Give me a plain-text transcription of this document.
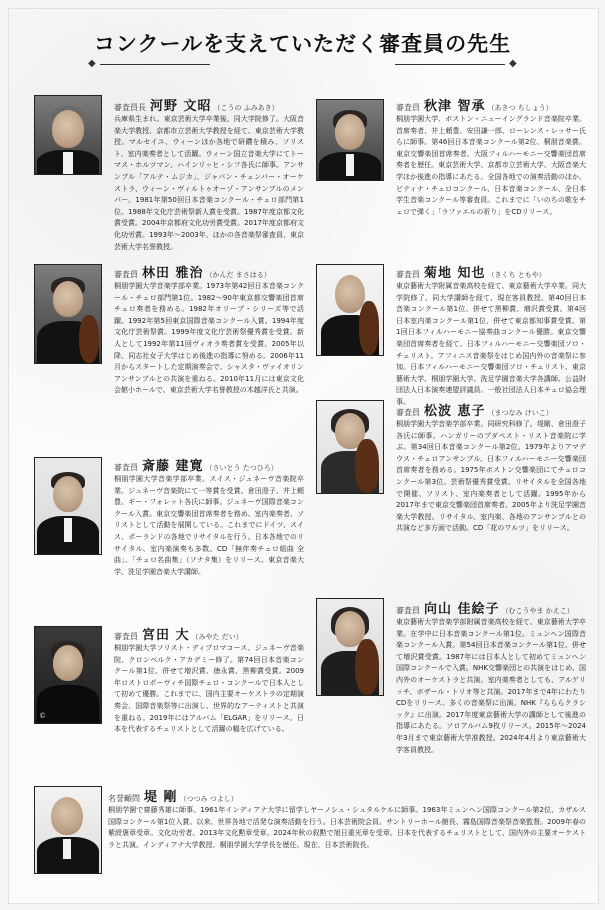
コンクールを支えていただく審査員の先生
◆	◆
審査員長 河野 文昭 （こうの ふみあき）
兵庫県生まれ。東京芸術大学卒業後、同大学院修了。大阪音楽大学教授、京都市立芸術大学教授を経て、東京芸術大学教授。マルセイユ、ウィーンほか各地で研鑽を積み、ソリスト、室内楽奏者として活躍。ウィーン国立音楽大学にてトーマス・ホルツマン、ハインリッヒ・シフ各氏に師事。アンサンブル「アルテ・ムジカ」、ジャパン・チェンバー・オーケストラ、ウィーン・ヴィルトゥオーゾ・アンサンブルのメンバー。1981年第50回日本音楽コンクール・チェロ部門第1位。1988年文化庁芸術祭新人賞を受賞。1987年度京都文化賞受賞。2004年京都府文化功労賞受賞。2017年度京都府文化功労賞。1993年〜2003年、ほかの各音楽祭審査員、東京芸術大学名誉教授。
審査員 秋津 智承 （あきつ ちしょう）
桐朋学園大学、ボストン・ニューイングランド音楽院卒業。首席奏者、井上頼豊、安田謙一郎、ローレンス・レッサー氏らに師事。第46回日本音楽コンクール第2位、桐朋音楽賞。東京交響楽団首席奏者、大阪フィルハーモニー交響楽団首席奏者を歴任。東京芸術大学、京都市立芸術大学、大阪音楽大学ほか後進の指導にあたる。全国各地での演奏活動のほか、ピティナ・チェロコンクール、日本音楽コンクール、全日本学生音楽コンクール等審査員。これまでに「いのちの歌をチェロで弾く」「ラファエルの祈り」をCDリリース。
審査員 林田 雅治 （かんだ まさはる）
桐朋学園大学音楽学部卒業。1973年第42回日本音楽コンクール・チェロ部門第1位。1982〜90年東京都交響楽団首席チェロ奏者を務める。1982年オリーブ・シリーズ等で活躍。1992年第5回東京国際音楽コンクール入賞。1994年度文化庁芸術祭賞。1999年度文化庁芸術祭優秀賞を受賞。新人として1992年第11回ヴィオラ奏者賞を受賞。2005年以降、同志社女子大学はじめ後進の指導に努める。2006年11月からスタートした定期演奏会で、シャスタ・ヴァイオリンアンサンブルとの共演を重ねる。2010年11月には東京文化会館小ホールで、東京芸術大学名誉教授の木越洋氏と共演。
審査員 菊地 知也 （きくち ともや）
東京藝術大学附属音楽高校を経て、東京藝術大学卒業。同大学院修了。同大学講師を経て、現在客員教授。第40回日本音楽コンクール第1位、併せて黒柳賞、増沢賞受賞。第4回日本室内楽コンクール第1位、併せて東京都知事賞受賞。第1回日本フィルハーモニー協奏曲コンクール優勝。東京交響楽団首席奏者を経て、日本フィルハーモニー交響楽団ソロ・チェリスト。アフィニス音楽祭をはじめ国内外の音楽祭に参加。日本フィルハーモニー交響楽団ソロ・チェリスト、東京藝術大学、桐朋学園大学、洗足学園音楽大学各講師。公益財団法人日本演奏連盟評議員。一般社団法人日本チェロ協会理事。
審査員 斎藤 建寛 （さいとう たつひろ）
桐朋学園大学音楽学部卒業。スイス・ジュネーヴ音楽院卒業。ジュネーヴ音楽院にて一等賞を受賞。倉田澄子、井上頼豊、ギー・フォレット各氏に師事。ジュネーヴ国際音楽コンクール入賞。東京交響楽団首席奏者を務め、室内楽奏者、ソリストとして活動を展開している。これまでにドイツ、スイス、ポーランドの各地でリサイタルを行う。日本各地でのリサイタル、室内楽演奏も多数。CD「無伴奏チェロ組曲 全曲」、「チェロ名曲集」（ソナタ集）をリリース。東京音楽大学、洗足学園音楽大学講師。
審査員 松波 恵子 （まつなみ けいこ）
桐朋学園大学音楽学部卒業。同研究科修了。堤剛、倉田澄子各氏に師事。ハンガリーのブダペスト・リスト音楽院に学ぶ。第34回日本音楽コンクール第2位。1979年よりアマデウス・チェロアンサンブル、日本フィルハーモニー交響楽団首席奏者を務める。1975年ボストン交響楽団にてチェロコンクール第3位。芸術祭優秀賞受賞。リサイタルを全国各地で開催、ソリスト、室内楽奏者として活躍。1995年から2017年まで東京交響楽団首席奏者。2005年より洗足学園音楽大学教授。リサイタル、室内楽、各地のアンサンブルとの共演など多方面で活動。CD「花のワルツ」をリリース。
©
審査員 宮田 大 （みやた だい）
桐朋学園大学ソリスト・ディプロマコース、ジュネーヴ音楽院、クロンベルク・アカデミー修了。第74回日本音楽コンクール第1位、併せて増沢賞、徳永賞、黒柳賞受賞。2009年ロストロポーヴィチ国際チェロ・コンクールで日本人として初めて優勝。これまでに、国内主要オーケストラの定期演奏会、国際音楽祭等に出演し、世界的なアーティストと共演を重ねる。2019年にはアルバム「ELGAR」をリリース。日本を代表するチェリストとして活躍の幅を広げている。
審査員 向山 佳絵子 （むこうやま かえこ）
東京藝術大学音楽学部附属音楽高校を経て、東京藝術大学卒業。在学中に日本音楽コンクール第1位。ミュンヘン国際音楽コンクール入賞。第54回日本音楽コンクール第1位、併せて増沢賞受賞。1987年には日本人として初めてミュンヘン国際コンクールで入賞。NHK交響楽団との共演をはじめ、国内外のオーケストラと共演。室内楽奏者としても、アルゲリッチ、ボザール・トリオ等と共演。2017年まで4年にわたりCDをリリース。多くの音楽祭に出演。NHK『らららクラシック』に出演。2017年度東京藝術大学の講師として後進の指導にあたる。ソロアルバム9枚リリース。2015年〜2024年3月まで東京藝術大学准教授。2024年4月より東京藝術大学客員教授。
名誉顧問 堤 剛 （つつみ つよし）
桐朋学園で齋藤秀雄に師事。1961年インディアナ大学に留学しヤーノシュ・シュタルケルに師事。1963年ミュンヘン国際コンクール第2位、カザルス国際コンクール第1位入賞。以来、世界各地で活発な演奏活動を行う。日本芸術院会員。サントリーホール館長、霧島国際音楽祭音楽監督。2009年春の紫綬褒章受章。文化功労者。2013年文化勲章受章。2024年秋の叙勲で旭日重光章を受章。日本を代表するチェリストとして、国内外の主要オーケストラと共演。インディアナ大学教授、桐朋学園大学学長を歴任。現在、日本芸術院長。
